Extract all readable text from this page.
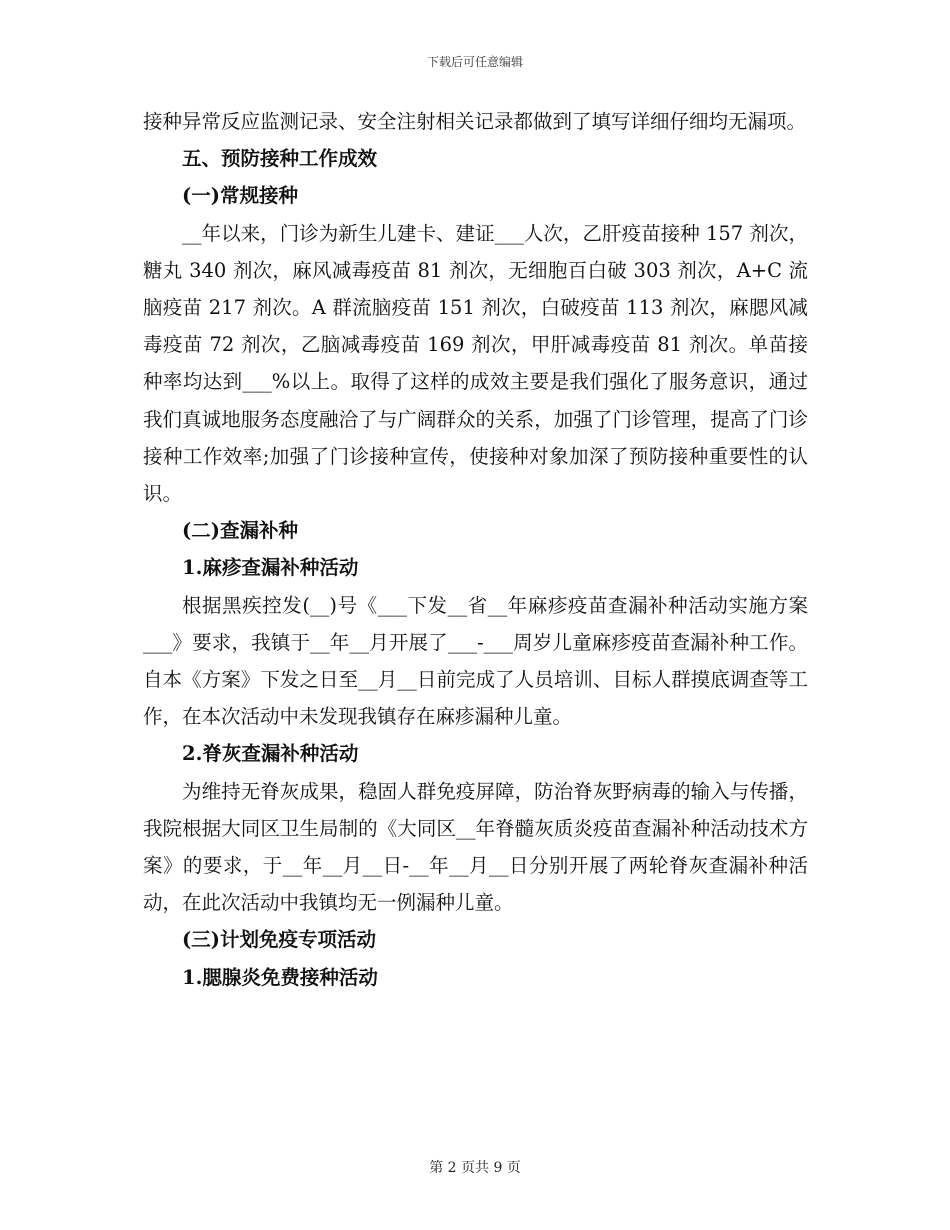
下载后可任意编辑

接种异常反应监测记录、安全注射相关记录都做到了填写详细仔细均无漏项。

五、预防接种工作成效

(一)常规接种

__年以来，门诊为新生儿建卡、建证___人次，乙肝疫苗接种 157 剂次，糖丸 340 剂次，麻风减毒疫苗 81 剂次，无细胞百白破 303 剂次，A+C 流脑疫苗 217 剂次。A 群流脑疫苗 151 剂次，白破疫苗 113 剂次，麻腮风减毒疫苗 72 剂次，乙脑减毒疫苗 169 剂次，甲肝减毒疫苗 81 剂次。单苗接种率均达到___%以上。取得了这样的成效主要是我们强化了服务意识，通过我们真诚地服务态度融洽了与广阔群众的关系，加强了门诊管理，提高了门诊接种工作效率;加强了门诊接种宣传，使接种对象加深了预防接种重要性的认识。

(二)查漏补种

1.麻疹查漏补种活动

根据黑疾控发(__)号《___下发__省__年麻疹疫苗查漏补种活动实施方案___》要求，我镇于__年__月开展了___-___周岁儿童麻疹疫苗查漏补种工作。自本《方案》下发之日至__月__日前完成了人员培训、目标人群摸底调查等工作，在本次活动中未发现我镇存在麻疹漏种儿童。

2.脊灰查漏补种活动

为维持无脊灰成果，稳固人群免疫屏障，防治脊灰野病毒的输入与传播，我院根据大同区卫生局制的《大同区__年脊髓灰质炎疫苗查漏补种活动技术方案》的要求，于__年__月__日-__年__月__日分别开展了两轮脊灰查漏补种活动，在此次活动中我镇均无一例漏种儿童。

(三)计划免疫专项活动

1.腮腺炎免费接种活动

第 2 页共 9 页
